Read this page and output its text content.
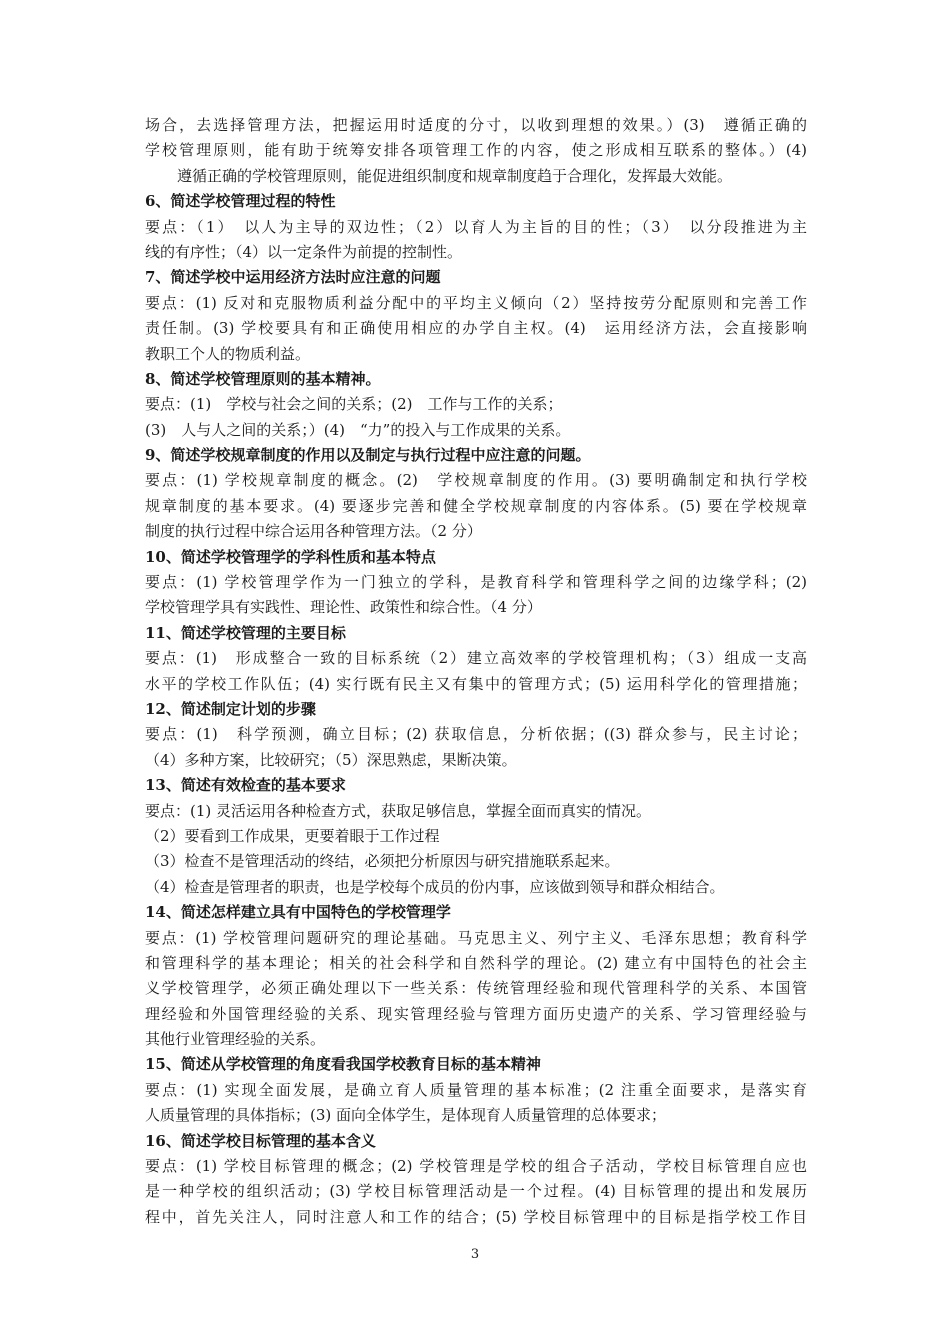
场合，去选择管理方法，把握运用时适度的分寸，以收到理想的效果。）(3)　遵循正确的
学校管理原则，能有助于统筹安排各项管理工作的内容，使之形成相互联系的整体。）(4)
遵循正确的学校管理原则，能促进组织制度和规章制度趋于合理化，发挥最大效能。
6、简述学校管理过程的特性
要点：（1）　以人为主导的双边性；（2）以育人为主旨的目的性；（3）　以分段推进为主
线的有序性；（4）以一定条件为前提的控制性。
7、简述学校中运用经济方法时应注意的问题
要点：(1) 反对和克服物质利益分配中的平均主义倾向（2）坚持按劳分配原则和完善工作
责任制。(3) 学校要具有和正确使用相应的办学自主权。(4)　运用经济方法，会直接影响
教职工个人的物质利益。
8、简述学校管理原则的基本精神。
要点：(1)　学校与社会之间的关系；(2)　工作与工作的关系；
(3)　人与人之间的关系；）(4)　“力”的投入与工作成果的关系。
9、简述学校规章制度的作用以及制定与执行过程中应注意的问题。
要点：(1) 学校规章制度的概念。(2)　学校规章制度的作用。(3) 要明确制定和执行学校
规章制度的基本要求。(4) 要逐步完善和健全学校规章制度的内容体系。(5) 要在学校规章
制度的执行过程中综合运用各种管理方法。（2 分）
10、简述学校管理学的学科性质和基本特点
要点：(1) 学校管理学作为一门独立的学科，是教育科学和管理科学之间的边缘学科；(2)
学校管理学具有实践性、理论性、政策性和综合性。（4 分）
11、简述学校管理的主要目标
要点：(1)　形成整合一致的目标系统（2）建立高效率的学校管理机构；（3）组成一支高
水平的学校工作队伍；(4) 实行既有民主又有集中的管理方式；(5) 运用科学化的管理措施；
12、简述制定计划的步骤
要点：(1)　科学预测，确立目标；(2) 获取信息，分析依据；((3) 群众参与，民主讨论；
（4）多种方案，比较研究；（5）深思熟虑，果断决策。
13、简述有效检查的基本要求
要点：(1) 灵活运用各种检查方式，获取足够信息，掌握全面而真实的情况。
（2）要看到工作成果，更要着眼于工作过程
（3）检查不是管理活动的终结，必须把分析原因与研究措施联系起来。
（4）检查是管理者的职责，也是学校每个成员的份内事，应该做到领导和群众相结合。
14、简述怎样建立具有中国特色的学校管理学
要点：(1) 学校管理问题研究的理论基础。马克思主义、列宁主义、毛泽东思想；教育科学
和管理科学的基本理论；相关的社会科学和自然科学的理论。(2) 建立有中国特色的社会主
义学校管理学，必须正确处理以下一些关系：传统管理经验和现代管理科学的关系、本国管
理经验和外国管理经验的关系、现实管理经验与管理方面历史遗产的关系、学习管理经验与
其他行业管理经验的关系。
15、简述从学校管理的角度看我国学校教育目标的基本精神
要点：(1) 实现全面发展，是确立育人质量管理的基本标准；(2 注重全面要求，是落实育
人质量管理的具体指标；(3) 面向全体学生，是体现育人质量管理的总体要求；
16、简述学校目标管理的基本含义
要点：(1) 学校目标管理的概念；(2) 学校管理是学校的组合子活动，学校目标管理自应也
是一种学校的组织活动；(3) 学校目标管理活动是一个过程。(4) 目标管理的提出和发展历
程中，首先关注人，同时注意人和工作的结合；(5) 学校目标管理中的目标是指学校工作目
3
